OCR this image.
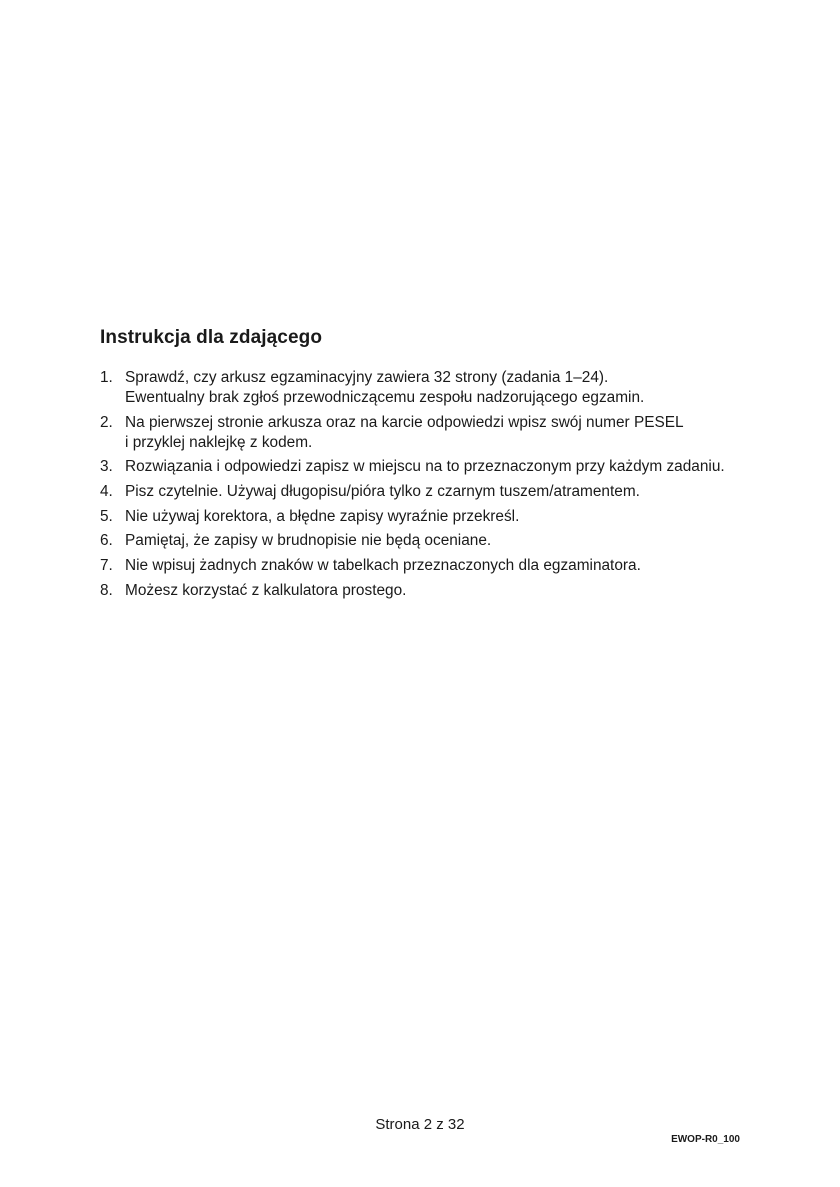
Instrukcja dla zdającego
1. Sprawdź, czy arkusz egzaminacyjny zawiera 32 strony (zadania 1–24).
Ewentualny brak zgłoś przewodniczącemu zespołu nadzorującego egzamin.
2. Na pierwszej stronie arkusza oraz na karcie odpowiedzi wpisz swój numer PESEL
i przyklej naklejkę z kodem.
3. Rozwiązania i odpowiedzi zapisz w miejscu na to przeznaczonym przy każdym zadaniu.
4. Pisz czytelnie. Używaj długopisu/pióra tylko z czarnym tuszem/atramentem.
5. Nie używaj korektora, a błędne zapisy wyraźnie przekreśl.
6. Pamiętaj, że zapisy w brudnopisie nie będą oceniane.
7. Nie wpisuj żadnych znaków w tabelkach przeznaczonych dla egzaminatora.
8. Możesz korzystać z kalkulatora prostego.
Strona 2 z 32
EWOP-R0_100
